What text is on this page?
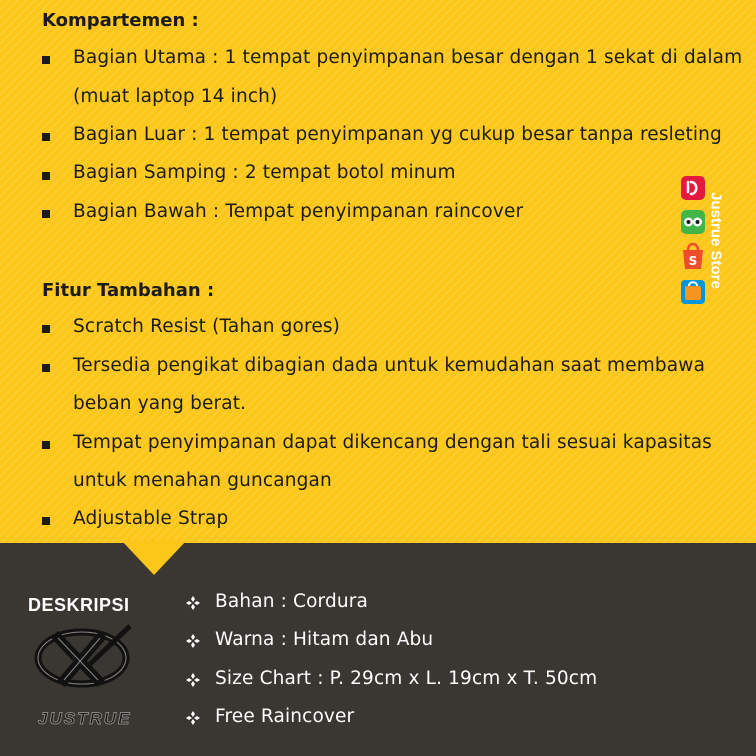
Kompartemen :
Bagian Utama : 1 tempat penyimpanan besar dengan 1 sekat di dalam
(muat laptop 14 inch)
Bagian Luar : 1 tempat penyimpanan yg cukup besar tanpa resleting
Bagian Samping : 2 tempat botol minum
Bagian Bawah : Tempat penyimpanan raincover
Fitur Tambahan :
Scratch Resist (Tahan gores)
Tersedia pengikat dibagian dada untuk kemudahan saat membawa
beban yang berat.
Tempat penyimpanan dapat dikencang dengan tali sesuai kapasitas
untuk menahan guncangan
Adjustable Strap
S Justrue Store
DESKRIPSI
JUSTRUE
Bahan : Cordura
Warna : Hitam dan Abu
Size Chart : P. 29cm x L. 19cm x T. 50cm
Free Raincover
